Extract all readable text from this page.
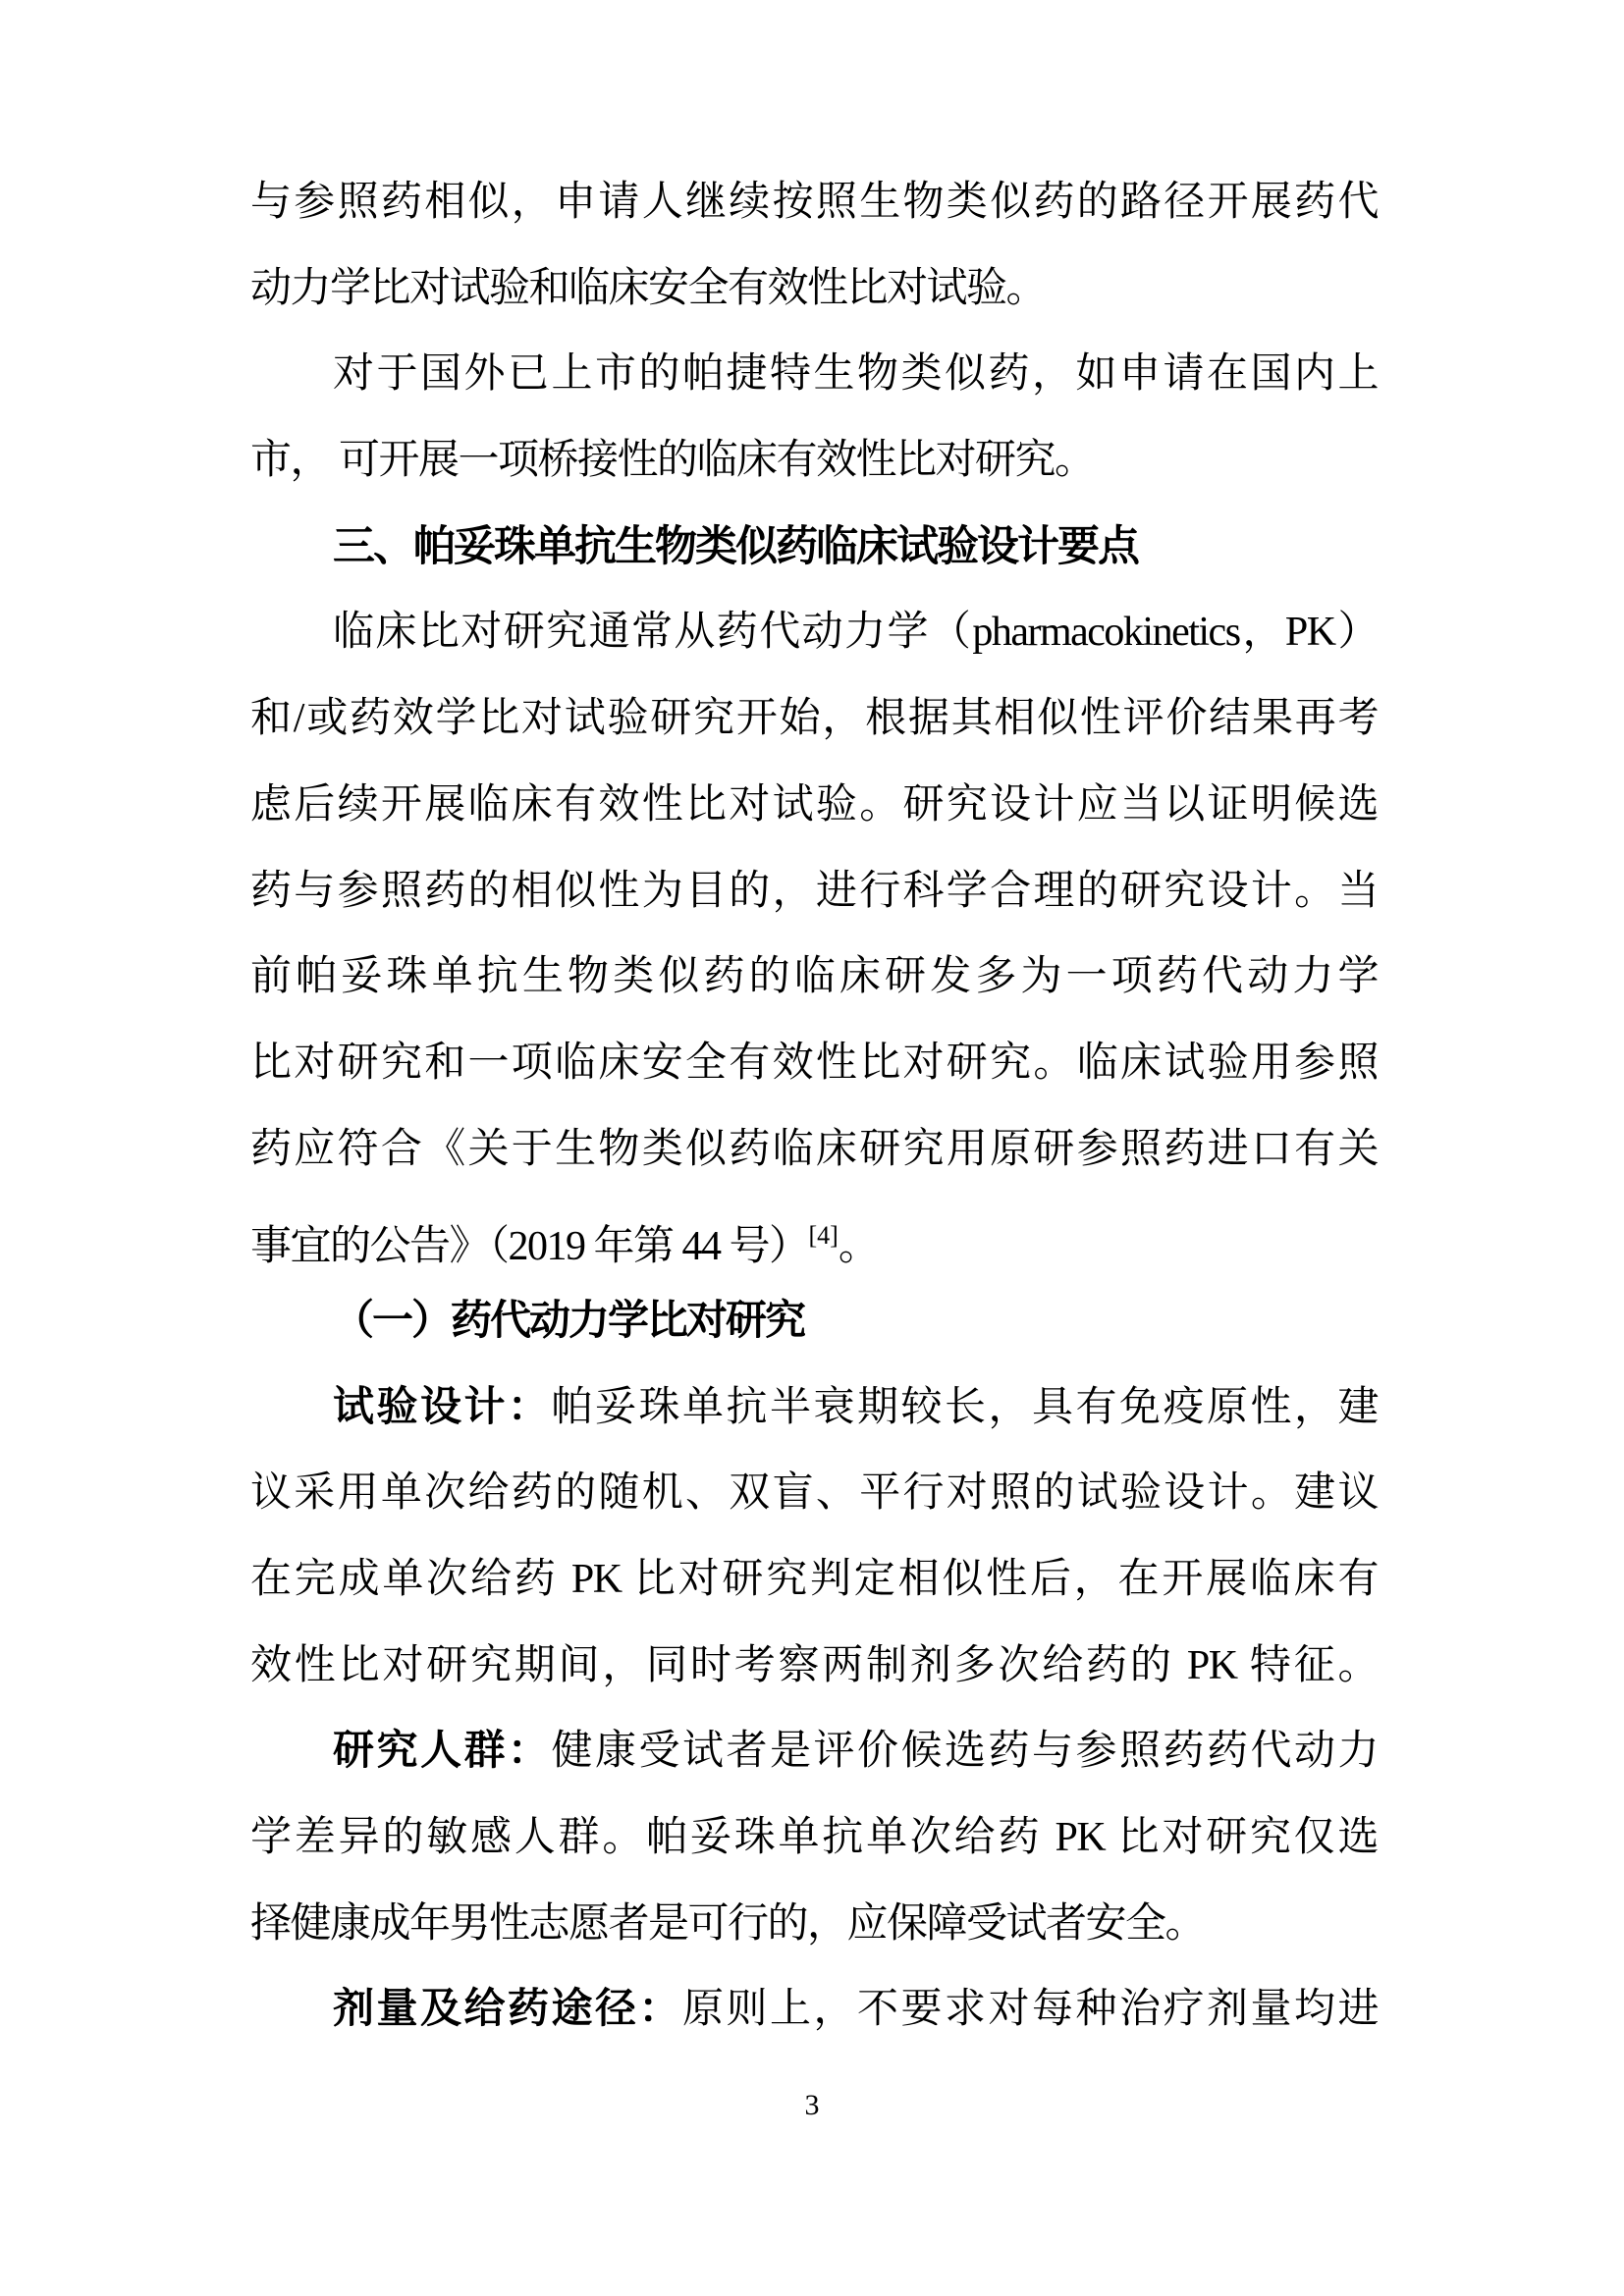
与参照药相似，申请人继续按照生物类似药的路径开展药代
动力学比对试验和临床安全有效性比对试验。
对于国外已上市的帕捷特生物类似药，如申请在国内上
市， 可开展一项桥接性的临床有效性比对研究。
三、帕妥珠单抗生物类似药临床试验设计要点
临床比对研究通常从药代动力学（pharmacokinetics，PK）
和/或药效学比对试验研究开始，根据其相似性评价结果再考
虑后续开展临床有效性比对试验。研究设计应当以证明候选
药与参照药的相似性为目的，进行科学合理的研究设计。当
前帕妥珠单抗生物类似药的临床研发多为一项药代动力学
比对研究和一项临床安全有效性比对研究。临床试验用参照
药应符合《关于生物类似药临床研究用原研参照药进口有关
事宜的公告》（2019 年第 44 号）[4]。
（一）药代动力学比对研究
试验设计：帕妥珠单抗半衰期较长，具有免疫原性，建
议采用单次给药的随机、双盲、平行对照的试验设计。建议
在完成单次给药 PK 比对研究判定相似性后，在开展临床有
效性比对研究期间，同时考察两制剂多次给药的 PK 特征。
研究人群：健康受试者是评价候选药与参照药药代动力
学差异的敏感人群。帕妥珠单抗单次给药 PK 比对研究仅选
择健康成年男性志愿者是可行的，应保障受试者安全。
剂量及给药途径：原则上，不要求对每种治疗剂量均进
3
